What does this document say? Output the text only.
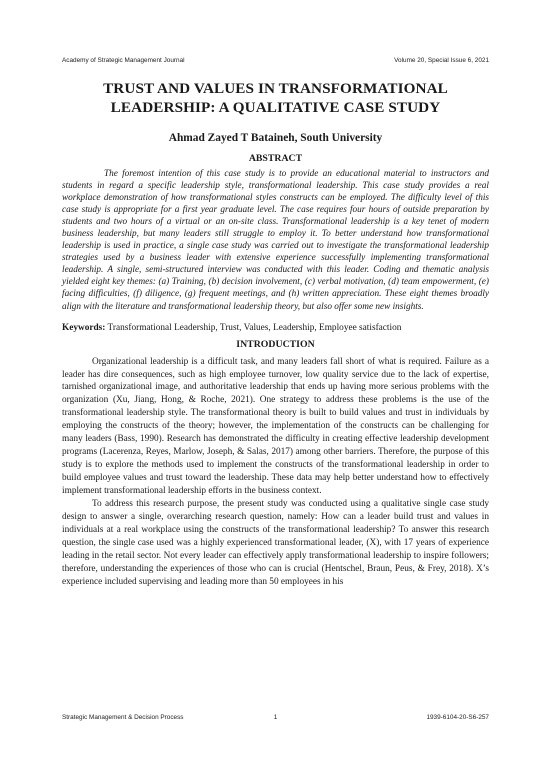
Academy of Strategic Management Journal	Volume 20, Special Issue 6, 2021
TRUST AND VALUES IN TRANSFORMATIONAL
LEADERSHIP: A QUALITATIVE CASE STUDY

Ahmad Zayed T Bataineh, South University

ABSTRACT

The foremost intention of this case study is to provide an educational material to instructors and students in regard a specific leadership style, transformational leadership. This case study provides a real workplace demonstration of how transformational styles constructs can be employed. The difficulty level of this case study is appropriate for a first year graduate level. The case requires four hours of outside preparation by students and two hours of a virtual or an on-site class. Transformational leadership is a key tenet of modern business leadership, but many leaders still struggle to employ it. To better understand how transformational leadership is used in practice, a single case study was carried out to investigate the transformational leadership strategies used by a business leader with extensive experience successfully implementing transformational leadership. A single, semi-structured interview was conducted with this leader. Coding and thematic analysis yielded eight key themes: (a) Training, (b) decision involvement, (c) verbal motivation, (d) team empowerment, (e) facing difficulties, (f) diligence, (g) frequent meetings, and (h) written appreciation. These eight themes broadly align with the literature and transformational leadership theory, but also offer some new insights.

Keywords: Transformational Leadership, Trust, Values, Leadership, Employee satisfaction

INTRODUCTION

Organizational leadership is a difficult task, and many leaders fall short of what is required. Failure as a leader has dire consequences, such as high employee turnover, low quality service due to the lack of expertise, tarnished organizational image, and authoritative leadership that ends up having more serious problems with the organization (Xu, Jiang, Hong, & Roche, 2021). One strategy to address these problems is the use of the transformational leadership style. The transformational theory is built to build values and trust in individuals by employing the constructs of the theory; however, the implementation of the constructs can be challenging for many leaders (Bass, 1990). Research has demonstrated the difficulty in creating effective leadership development programs (Lacerenza, Reyes, Marlow, Joseph, & Salas, 2017) among other barriers. Therefore, the purpose of this study is to explore the methods used to implement the constructs of the transformational leadership in order to build employee values and trust toward the leadership. These data may help better understand how to effectively implement transformational leadership efforts in the business context.

To address this research purpose, the present study was conducted using a qualitative single case study design to answer a single, overarching research question, namely: How can a leader build trust and values in individuals at a real workplace using the constructs of the transformational leadership? To answer this research question, the single case used was a highly experienced transformational leader, (X), with 17 years of experience leading in the retail sector. Not every leader can effectively apply transformational leadership to inspire followers; therefore, understanding the experiences of those who can is crucial (Hentschel, Braun, Peus, & Frey, 2018). X’s experience included supervising and leading more than 50 employees in his

Strategic Management & Decision Process	1	1939-6104-20-S6-257
